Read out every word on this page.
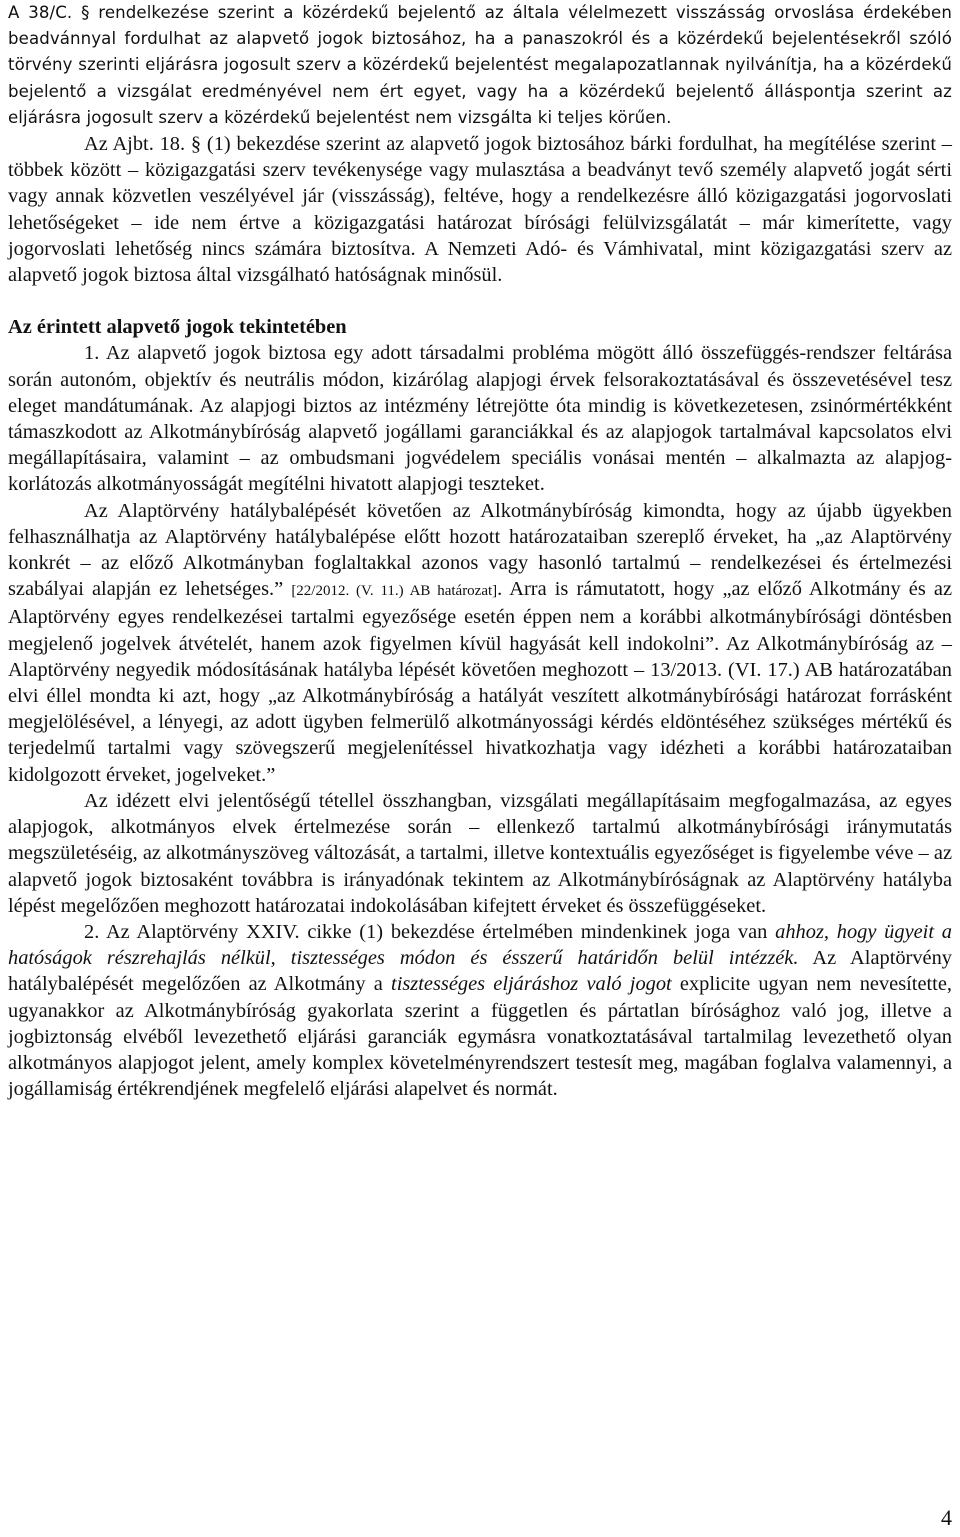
A 38/C. § rendelkezése szerint a közérdekű bejelentő az általa vélelmezett visszásság orvoslása érdekében beadvánnyal fordulhat az alapvető jogok biztosához, ha a panaszokról és a közérdekű bejelentésekről szóló törvény szerinti eljárásra jogosult szerv a közérdekű bejelentést megalapozatlannak nyilvánítja, ha a közérdekű bejelentő a vizsgálat eredményével nem ért egyet, vagy ha a közérdekű bejelentő álláspontja szerint az eljárásra jogosult szerv a közérdekű bejelentést nem vizsgálta ki teljes körűen.

Az Ajbt. 18. § (1) bekezdése szerint az alapvető jogok biztosához bárki fordulhat, ha megítélése szerint – többek között – közigazgatási szerv tevékenysége vagy mulasztása a beadványt tevő személy alapvető jogát sérti vagy annak közvetlen veszélyével jár (visszásság), feltéve, hogy a rendelkezésre álló közigazgatási jogorvoslati lehetőségeket – ide nem értve a közigazgatási határozat bírósági felülvizsgálatát – már kimerítette, vagy jogorvoslati lehetőség nincs számára biztosítva. A Nemzeti Adó- és Vámhivatal, mint közigazgatási szerv az alapvető jogok biztosa által vizsgálható hatóságnak minősül.

Az érintett alapvető jogok tekintetében

1. Az alapvető jogok biztosa egy adott társadalmi probléma mögött álló összefüggés-rendszer feltárása során autonóm, objektív és neutrális módon, kizárólag alapjogi érvek felsorakoztatásával és összevetésével tesz eleget mandátumának. Az alapjogi biztos az intézmény létrejötte óta mindig is következetesen, zsinórmértékként támaszkodott az Alkotmánybíróság alapvető jogállami garanciákkal és az alapjogok tartalmával kapcsolatos elvi megállapításaira, valamint – az ombudsmani jogvédelem speciális vonásai mentén – alkalmazta az alapjog-korlátozás alkotmányosságát megítélni hivatott alapjogi teszteket.

Az Alaptörvény hatálybalépését követően az Alkotmánybíróság kimondta, hogy az újabb ügyekben felhasználhatja az Alaptörvény hatálybalépése előtt hozott határozataiban szereplő érveket, ha „az Alaptörvény konkrét – az előző Alkotmányban foglaltakkal azonos vagy hasonló tartalmú – rendelkezései és értelmezési szabályai alapján ez lehetséges.” [22/2012. (V. 11.) AB határozat]. Arra is rámutatott, hogy „az előző Alkotmány és az Alaptörvény egyes rendelkezései tartalmi egyezősége esetén éppen nem a korábbi alkotmánybírósági döntésben megjelenő jogelvek átvételét, hanem azok figyelmen kívül hagyását kell indokolni”. Az Alkotmánybíróság az – Alaptörvény negyedik módosításának hatályba lépését követően meghozott – 13/2013. (VI. 17.) AB határozatában elvi éllel mondta ki azt, hogy „az Alkotmánybíróság a hatályát veszített alkotmánybírósági határozat forrásként megjelölésével, a lényegi, az adott ügyben felmerülő alkotmányossági kérdés eldöntéséhez szükséges mértékű és terjedelmű tartalmi vagy szövegszerű megjelenítéssel hivatkozhatja vagy idézheti a korábbi határozataiban kidolgozott érveket, jogelveket.”

Az idézett elvi jelentőségű tétellel összhangban, vizsgálati megállapításaim megfogalmazása, az egyes alapjogok, alkotmányos elvek értelmezése során – ellenkező tartalmú alkotmánybírósági iránymutatás megszületéséig, az alkotmányszöveg változását, a tartalmi, illetve kontextuális egyezőséget is figyelembe véve – az alapvető jogok biztosaként továbbra is irányadónak tekintem az Alkotmánybíróságnak az Alaptörvény hatályba lépést megelőzően meghozott határozatai indokolásában kifejtett érveket és összefüggéseket.

2. Az Alaptörvény XXIV. cikke (1) bekezdése értelmében mindenkinek joga van ahhoz, hogy ügyeit a hatóságok részrehajlás nélkül, tisztességes módon és ésszerű határidőn belül intézzék. Az Alaptörvény hatálybalépését megelőzően az Alkotmány a tisztességes eljáráshoz való jogot explicite ugyan nem nevesítette, ugyanakkor az Alkotmánybíróság gyakorlata szerint a független és pártatlan bírósághoz való jog, illetve a jogbiztonság elvéből levezethető eljárási garanciák egymásra vonatkoztatásával tartalmilag levezethető olyan alkotmányos alapjogot jelent, amely komplex követelményrendszert testesít meg, magában foglalva valamennyi, a jogállamiság értékrendjének megfelelő eljárási alapelvet és normát.

4
